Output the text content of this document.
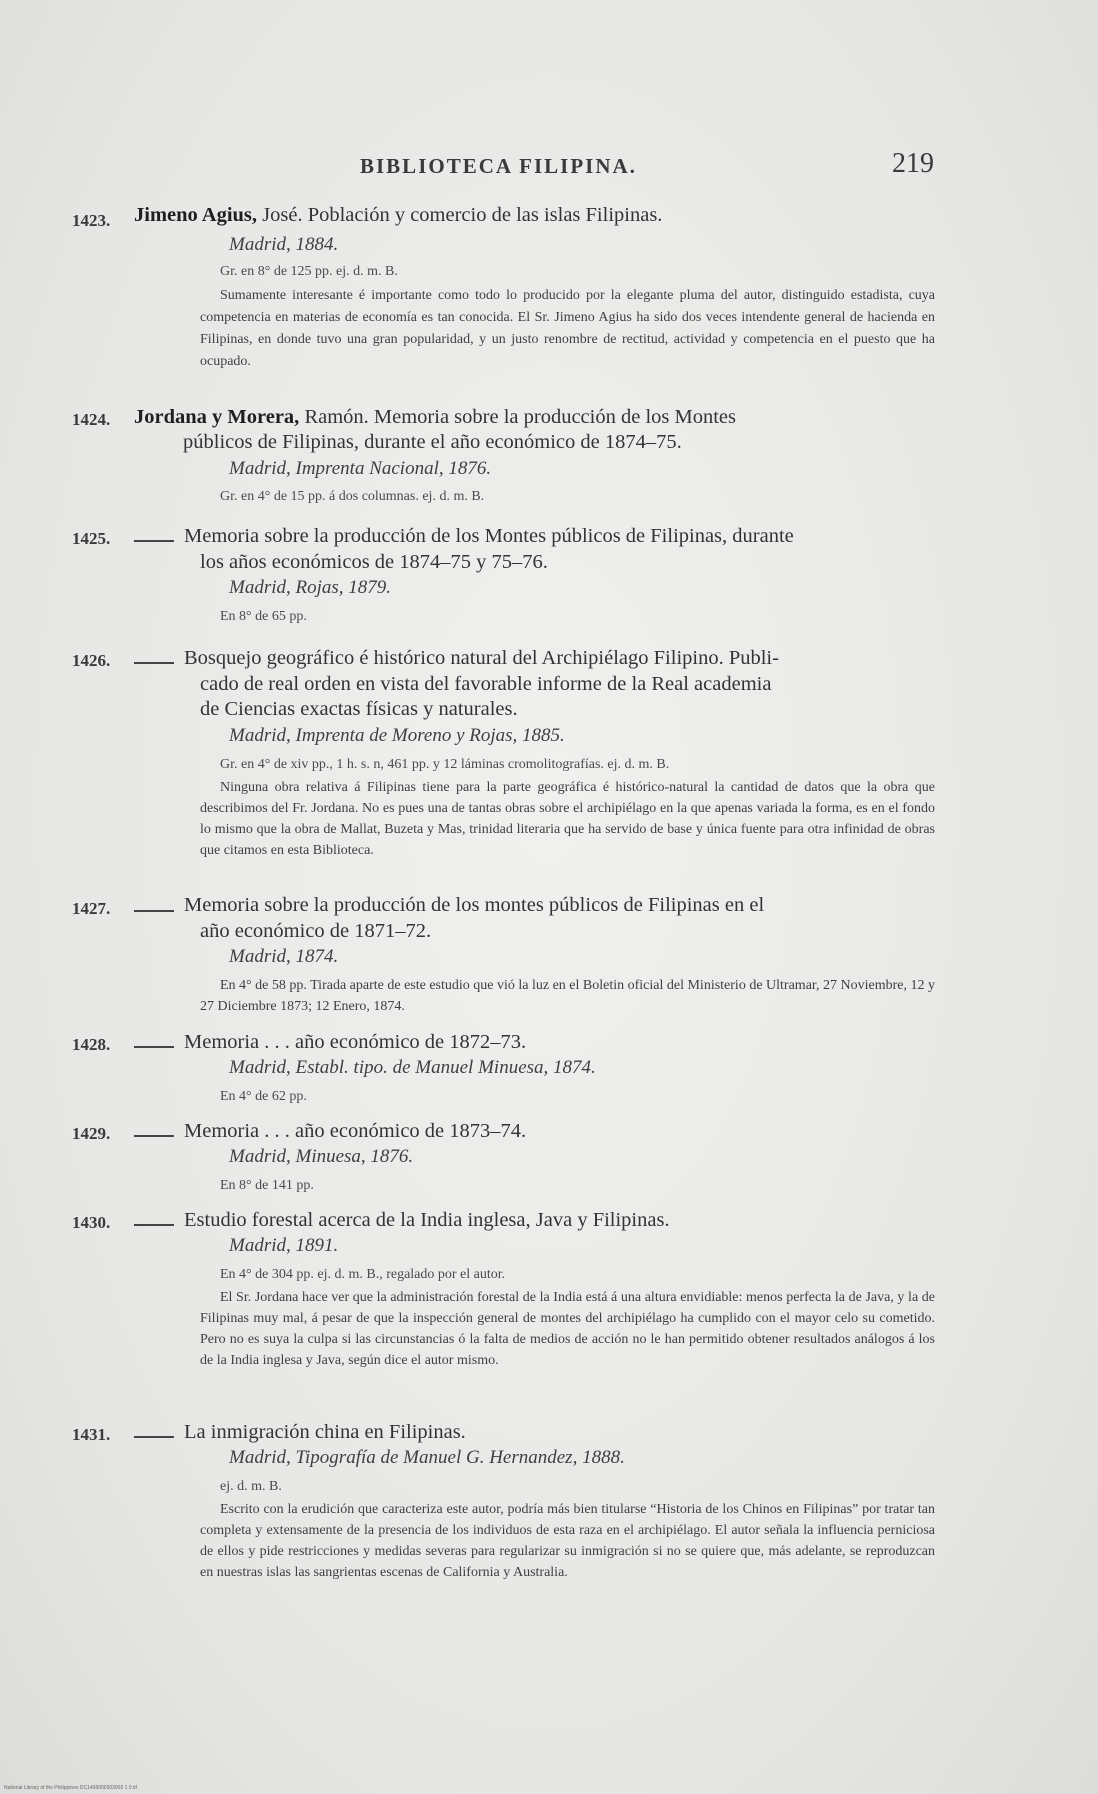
BIBLIOTECA FILIPINA.	219
1423. Jimeno Agius, José. Población y comercio de las islas Filipinas.
Madrid, 1884.
Gr. en 8° de 125 pp. ej. d. m. B.
Sumamente interesante é importante como todo lo producido por la elegante pluma del autor, distinguido estadista, cuya competencia en materias de economía es tan conocida. El Sr. Jimeno Agius ha sido dos veces intendente general de hacienda en Filipinas, en donde tuvo una gran popularidad, y un justo renombre de rectitud, actividad y competencia en el puesto que ha ocupado.
1424. Jordana y Morera, Ramón. Memoria sobre la producción de los Montes
públicos de Filipinas, durante el año económico de 1874–75.
Madrid, Imprenta Nacional, 1876.
Gr. en 4° de 15 pp. á dos columnas. ej. d. m. B.
1425.	Memoria sobre la producción de los Montes públicos de Filipinas, durante
los años económicos de 1874–75 y 75–76.
Madrid, Rojas, 1879.
En 8° de 65 pp.
1426.	Bosquejo geográfico é histórico natural del Archipiélago Filipino. Publi-
cado de real orden en vista del favorable informe de la Real academia
de Ciencias exactas físicas y naturales.
Madrid, Imprenta de Moreno y Rojas, 1885.
Gr. en 4° de xiv pp., 1 h. s. n, 461 pp. y 12 láminas cromolitografías. ej. d. m. B.
Ninguna obra relativa á Filipinas tiene para la parte geográfica é histórico-natural la cantidad de datos que la obra que describimos del Fr. Jordana. No es pues una de tantas obras sobre el archipiélago en la que apenas variada la forma, es en el fondo lo mismo que la obra de Mallat, Buzeta y Mas, trinidad literaria que ha servido de base y única fuente para otra infinidad de obras que citamos en esta Biblioteca.
1427.	Memoria sobre la producción de los montes públicos de Filipinas en el
año económico de 1871–72.
Madrid, 1874.
En 4° de 58 pp. Tirada aparte de este estudio que vió la luz en el Boletin oficial del Ministerio de Ultramar, 27 Noviembre, 12 y 27 Diciembre 1873; 12 Enero, 1874.
1428.	Memoria . . . año económico de 1872–73.
Madrid, Establ. tipo. de Manuel Minuesa, 1874.
En 4° de 62 pp.
1429.	Memoria . . . año económico de 1873–74.
Madrid, Minuesa, 1876.
En 8° de 141 pp.
1430.	Estudio forestal acerca de la India inglesa, Java y Filipinas.
Madrid, 1891.
En 4° de 304 pp. ej. d. m. B., regalado por el autor.
El Sr. Jordana hace ver que la administración forestal de la India está á una altura envidiable: menos perfecta la de Java, y la de Filipinas muy mal, á pesar de que la inspección general de montes del archipiélago ha cumplido con el mayor celo su cometido. Pero no es suya la culpa si las circunstancias ó la falta de medios de acción no le han permitido obtener resultados análogos á los de la India inglesa y Java, según dice el autor mismo.
1431.	La inmigración china en Filipinas.
Madrid, Tipografía de Manuel G. Hernandez, 1888.
ej. d. m. B.
Escrito con la erudición que caracteriza este autor, podría más bien titularse “Historia de los Chinos en Filipinas” por tratar tan completa y extensamente de la presencia de los individuos de esta raza en el archipiélago. El autor señala la influencia perniciosa de ellos y pide restricciones y medidas severas para regularizar su inmigración si no se quiere que, más adelante, se reproduzcan en nuestras islas las sangrientas escenas de California y Australia.
National Library of the Philippines DC1495000303002 1 0.tif
